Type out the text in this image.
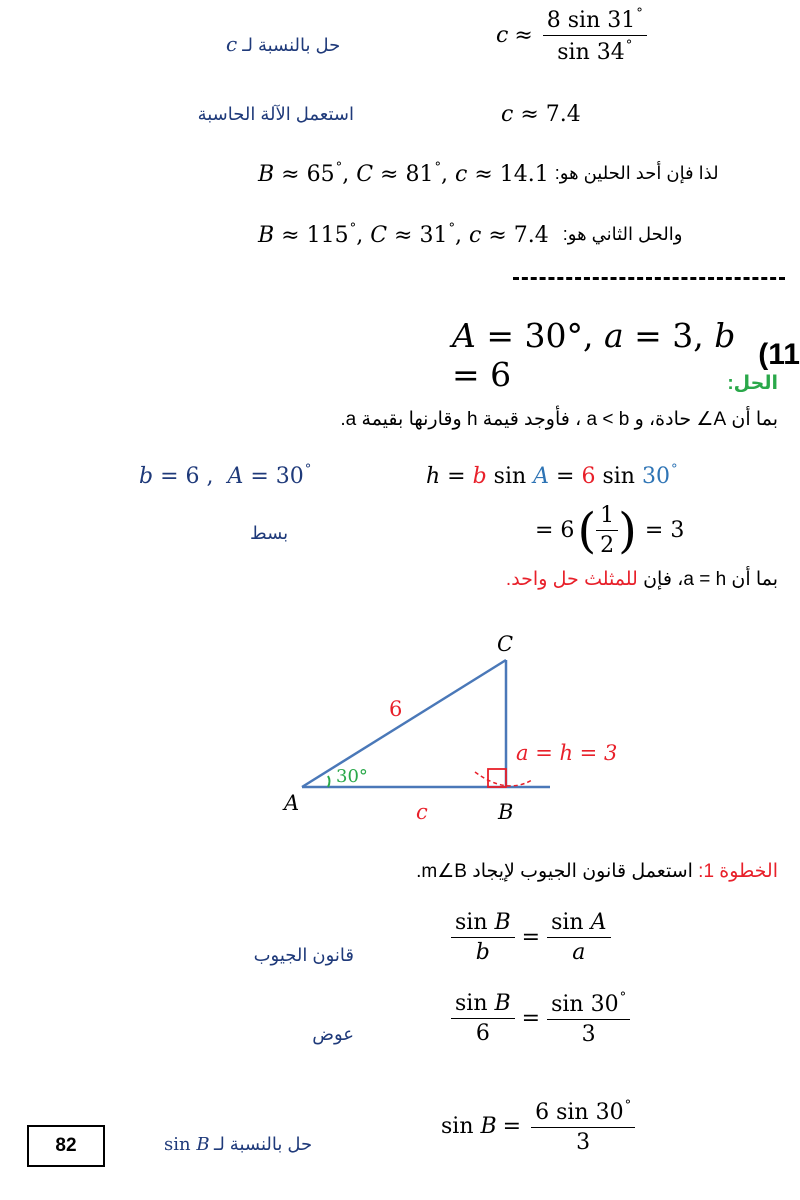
c حل بالنسبة لـ	$c \approx \frac{8 \sin 31^\circ}{\sin 34^\circ}$
استعمل الآلة الحاسبة	c ≈ 7.4
B ≈ 65°, C ≈ 81°, c ≈ 14.1 لذا فإن أحد الحلين هو:
B ≈ 115°, C ≈ 31°, c ≈ 7.4 والحل الثاني هو:
A = 30°, a = 3, b = 6
(11
الحل:
بما أن A∠ حادة، و a < b ، فأوجد قيمة h وقارنها بقيمة a.
b = 6 ,  A = 30°	h = b sin A = 6 sin 30°
بسط	= 6 ( $\frac{1}{2}$ ) = 3
بما أن a = h، فإن للمثلث حل واحد.
C
6
a = h = 3
30°
A	c	B
الخطوة 1: استعمل قانون الجيوب لإيجاد m∠B.
قانون الجيوب	$\frac{\text{sin B}}{b} = \frac{\text{sin A}}{a}$
عوض	$\frac{\text{sin B}}{6} = \frac{\sin 30^\circ}{3}$
sin B حل بالنسبة لـ
$\sin B = \frac{6 \sin 30^\circ}{3}$
82
